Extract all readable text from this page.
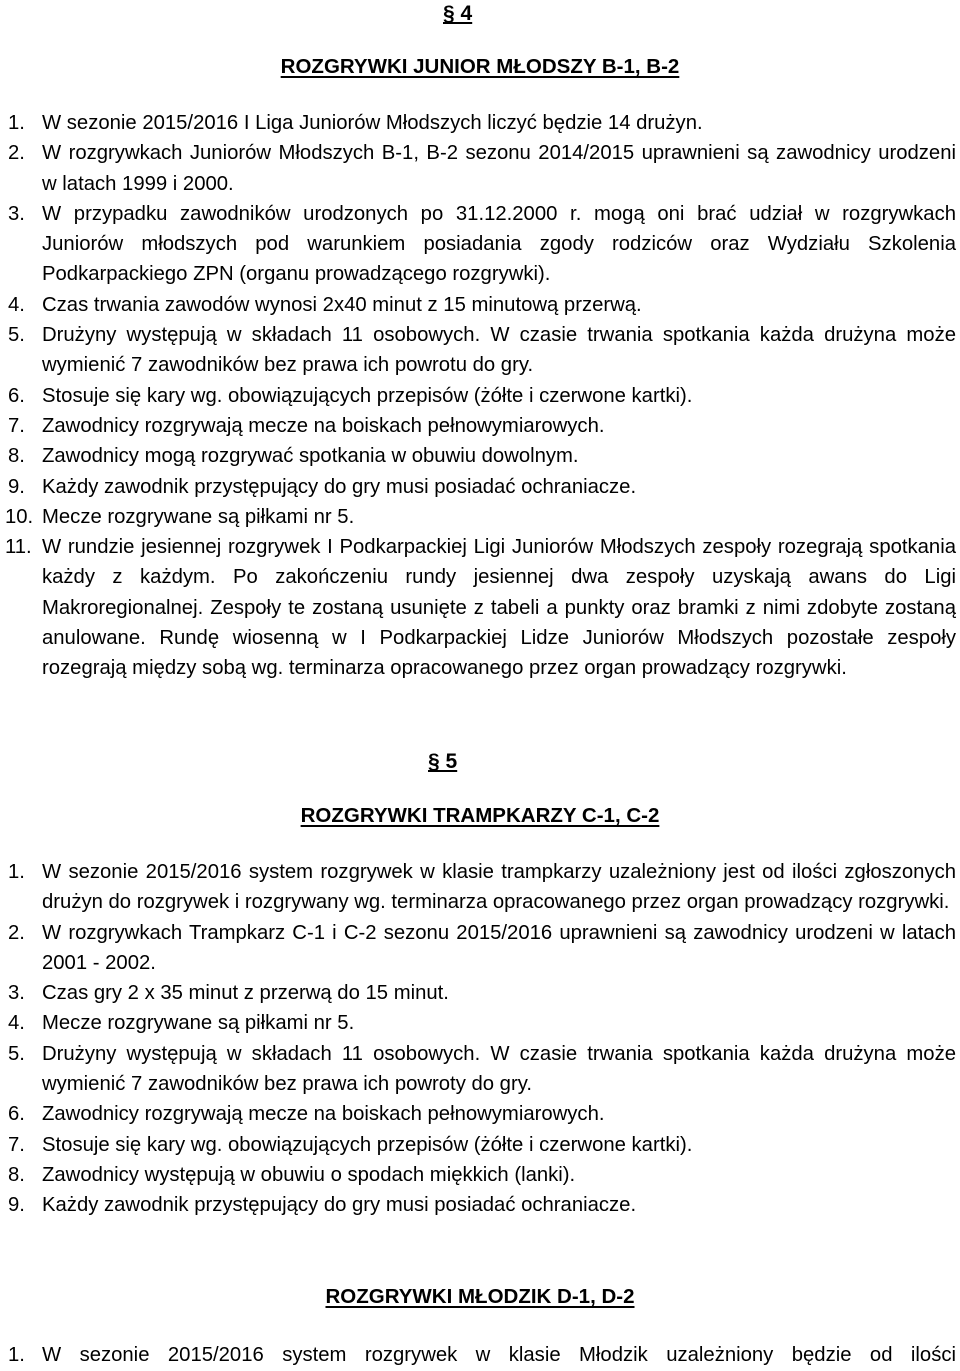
§ 4
ROZGRYWKI JUNIOR MŁODSZY B-1, B-2
1. W sezonie 2015/2016 I Liga Juniorów Młodszych liczyć będzie 14 drużyn.
2. W rozgrywkach Juniorów Młodszych B-1, B-2 sezonu 2014/2015 uprawnieni są zawodnicy urodzeni w latach 1999 i 2000.
3. W przypadku zawodników urodzonych po 31.12.2000 r. mogą oni brać udział w rozgrywkach Juniorów młodszych pod warunkiem posiadania zgody rodziców oraz Wydziału Szkolenia Podkarpackiego ZPN (organu prowadzącego rozgrywki).
4. Czas trwania zawodów wynosi 2x40 minut z 15 minutową przerwą.
5. Drużyny występują w składach 11 osobowych. W czasie trwania spotkania każda drużyna może wymienić 7 zawodników bez prawa ich powrotu do gry.
6. Stosuje się kary wg. obowiązujących przepisów (żółte i czerwone kartki).
7. Zawodnicy rozgrywają mecze na boiskach pełnowymiarowych.
8. Zawodnicy mogą rozgrywać spotkania w obuwiu dowolnym.
9. Każdy zawodnik przystępujący do gry musi posiadać ochraniacze.
10. Mecze rozgrywane są piłkami nr 5.
11. W rundzie jesiennej rozgrywek I Podkarpackiej Ligi Juniorów Młodszych zespoły rozegrają spotkania każdy z każdym. Po zakończeniu rundy jesiennej dwa zespoły uzyskają awans do Ligi Makroregionalnej. Zespoły te zostaną usunięte z tabeli a punkty oraz bramki z nimi zdobyte zostaną anulowane. Rundę wiosenną w I Podkarpackiej Lidze Juniorów Młodszych pozostałe zespoły rozegrają między sobą wg. terminarza opracowanego przez organ prowadzący rozgrywki.
§ 5
ROZGRYWKI TRAMPKARZY C-1, C-2
1. W sezonie 2015/2016 system rozgrywek w klasie trampkarzy uzależniony jest od ilości zgłoszonych drużyn do rozgrywek i rozgrywany wg. terminarza opracowanego przez organ prowadzący rozgrywki.
2. W rozgrywkach Trampkarz C-1 i C-2 sezonu 2015/2016 uprawnieni są zawodnicy urodzeni w latach 2001 - 2002.
3. Czas gry 2 x 35 minut z przerwą do 15 minut.
4. Mecze rozgrywane są piłkami nr 5.
5. Drużyny występują w składach 11 osobowych. W czasie trwania spotkania każda drużyna może wymienić 7 zawodników bez prawa ich powroty do gry.
6. Zawodnicy rozgrywają mecze na boiskach pełnowymiarowych.
7. Stosuje się kary wg. obowiązujących przepisów (żółte i czerwone kartki).
8. Zawodnicy występują w obuwiu o spodach miękkich (lanki).
9. Każdy zawodnik przystępujący do gry musi posiadać ochraniacze.
ROZGRYWKI MŁODZIK D-1, D-2
1. W sezonie 2015/2016 system rozgrywek w klasie Młodzik uzależniony będzie od ilości
